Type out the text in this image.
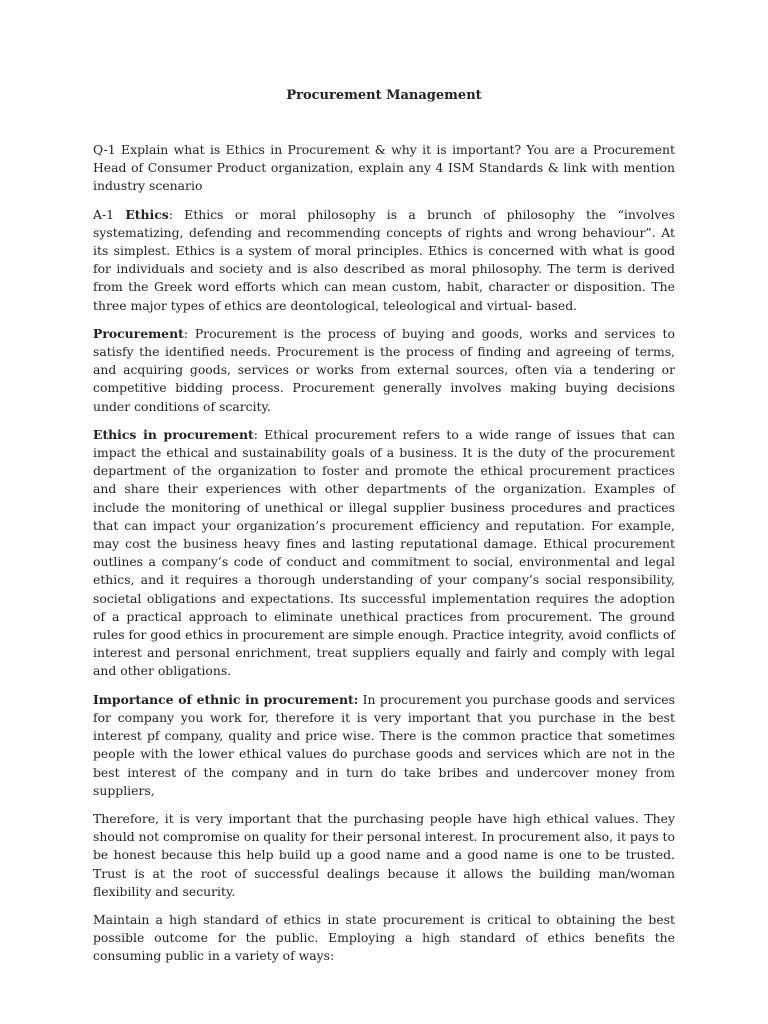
Procurement Management

Q-1 Explain what is Ethics in Procurement & why it is important? You are a Procurement Head of Consumer Product organization, explain any 4 ISM Standards & link with mention industry scenario

A-1 Ethics: Ethics or moral philosophy is a brunch of philosophy the “involves systematizing, defending and recommending concepts of rights and wrong behaviour”. At its simplest. Ethics is a system of moral principles. Ethics is concerned with what is good for individuals and society and is also described as moral philosophy. The term is derived from the Greek word efforts which can mean custom, habit, character or disposition. The three major types of ethics are deontological, teleological and virtual- based.

Procurement: Procurement is the process of buying and goods, works and services to satisfy the identified needs. Procurement is the process of finding and agreeing of terms, and acquiring goods, services or works from external sources, often via a tendering or competitive bidding process. Procurement generally involves making buying decisions under conditions of scarcity.

Ethics in procurement: Ethical procurement refers to a wide range of issues that can impact the ethical and sustainability goals of a business. It is the duty of the procurement department of the organization to foster and promote the ethical procurement practices and share their experiences with other departments of the organization. Examples of include the monitoring of unethical or illegal supplier business procedures and practices that can impact your organization’s procurement efficiency and reputation. For example, may cost the business heavy fines and lasting reputational damage. Ethical procurement outlines a company’s code of conduct and commitment to social, environmental and legal ethics, and it requires a thorough understanding of your company’s social responsibility, societal obligations and expectations. Its successful implementation requires the adoption of a practical approach to eliminate unethical practices from procurement. The ground rules for good ethics in procurement are simple enough. Practice integrity, avoid conflicts of interest and personal enrichment, treat suppliers equally and fairly and comply with legal and other obligations.

Importance of ethnic in procurement: In procurement you purchase goods and services for company you work for, therefore it is very important that you purchase in the best interest pf company, quality and price wise. There is the common practice that sometimes people with the lower ethical values do purchase goods and services which are not in the best interest of the company and in turn do take bribes and undercover money from suppliers,

Therefore, it is very important that the purchasing people have high ethical values. They should not compromise on quality for their personal interest. In procurement also, it pays to be honest because this help build up a good name and a good name is one to be trusted. Trust is at the root of successful dealings because it allows the building man/woman flexibility and security.

Maintain a high standard of ethics in state procurement is critical to obtaining the best possible outcome for the public. Employing a high standard of ethics benefits the consuming public in a variety of ways:
